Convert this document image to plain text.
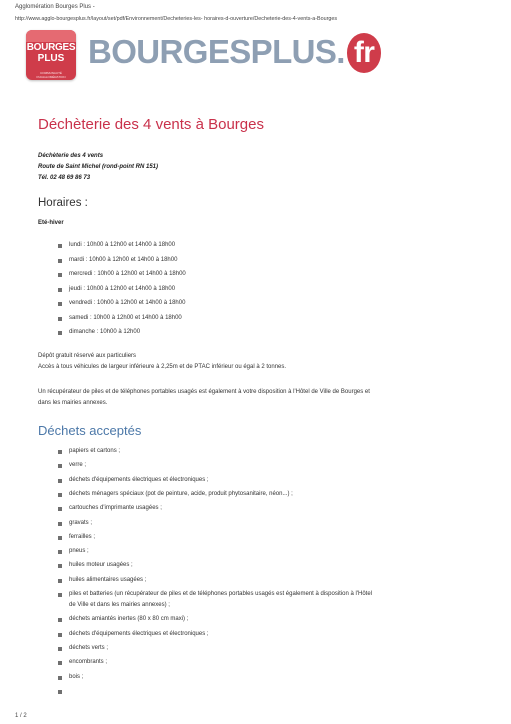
Agglomération Bourges Plus -
http://www.agglo-bourgesplus.fr/layout/set/pdf/Environnement/Decheteries-les- horaires-d-ouverture/Decheterie-des-4-vents-a-Bourges
BOURGES
PLUS
COMMUNAUTÉ D'AGGLOMÉRATION
BOURGESPLUS. fr
Déchèterie des 4 vents à Bourges
Déchèterie des 4 vents
Route de Saint Michel (rond-point RN 151)
Tél. 02 48 69 86 73
Horaires :
Eté-hiver
lundi : 10h00 à 12h00 et 14h00 à 18h00
mardi : 10h00 à 12h00 et 14h00 à 18h00
mercredi : 10h00 à 12h00 et 14h00 à 18h00
jeudi : 10h00 à 12h00 et 14h00 à 18h00
vendredi : 10h00 à 12h00 et 14h00 à 18h00
samedi : 10h00 à 12h00 et 14h00 à 18h00
dimanche : 10h00 à 12h00
Dépôt gratuit réservé aux particuliers
Accès à tous véhicules de largeur inférieure à 2,25m et de PTAC inférieur ou égal à 2 tonnes.
Un récupérateur de piles et de téléphones portables usagés est également à votre disposition à l'Hôtel de Ville de Bourges et
dans les mairies annexes.
Déchets acceptés
papiers et cartons ;
verre ;
déchets d'équipements électriques et électroniques ;
déchets ménagers spéciaux (pot de peinture, acide, produit phytosanitaire, néon...) ;
cartouches d'imprimante usagées ;
gravats ;
ferrailles ;
pneus ;
huiles moteur usagées ;
huiles alimentaires usagées ;
piles et batteries (un récupérateur de piles et de téléphones portables usagés est également à disposition à l'Hôtel
de Ville et dans les mairies annexes) ;
déchets amiantés inertes (80 x 80 cm maxi) ;
déchets d'équipements électriques et électroniques ;
déchets verts ;
encombrants ;
bois ;
1 / 2
